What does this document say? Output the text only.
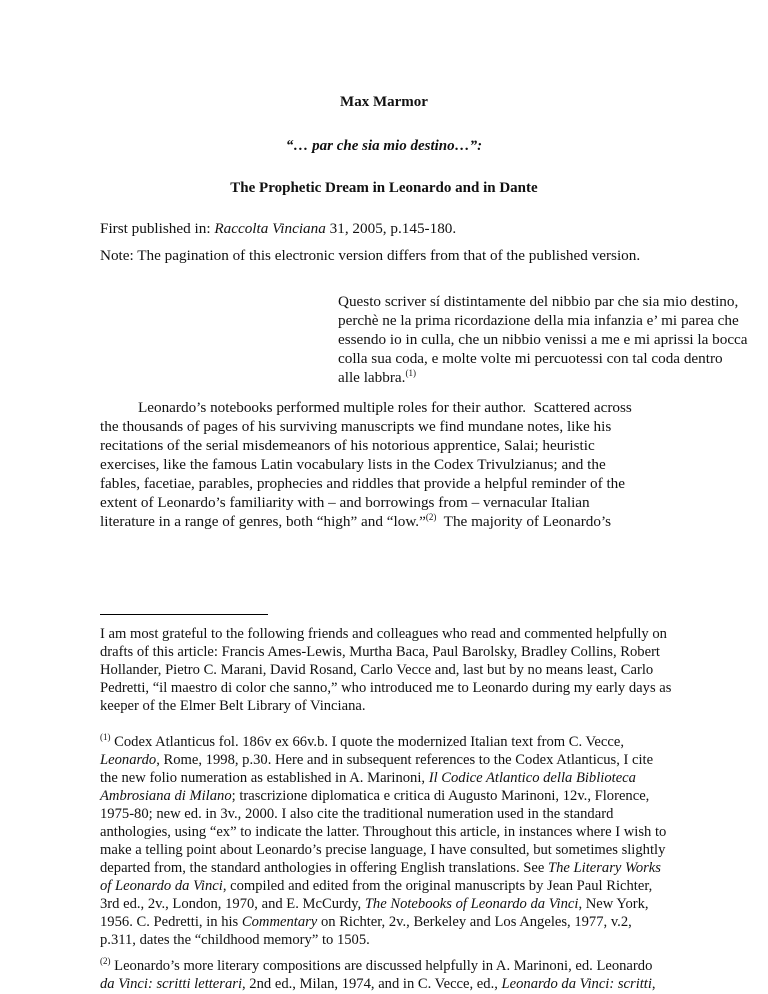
Max Marmor
“… par che sia mio destino…”:
The Prophetic Dream in Leonardo and in Dante
First published in: Raccolta Vinciana 31, 2005, p.145-180.
Note: The pagination of this electronic version differs from that of the published version.
Questo scriver sí distintamente del nibbio par che sia mio destino,
perchè ne la prima ricordazione della mia infanzia e’ mi parea che
essendo io in culla, che un nibbio venissi a me e mi aprissi la bocca
colla sua coda, e molte volte mi percuotessi con tal coda dentro
alle labbra.$^{(1)}$
Leonardo’s notebooks performed multiple roles for their author.  Scattered across
the thousands of pages of his surviving manuscripts we find mundane notes, like his
recitations of the serial misdemeanors of his notorious apprentice, Salai; heuristic
exercises, like the famous Latin vocabulary lists in the Codex Trivulzianus; and the
fables, facetiae, parables, prophecies and riddles that provide a helpful reminder of the
extent of Leonardo’s familiarity with – and borrowings from – vernacular Italian
literature in a range of genres, both “high” and “low.”$^{(2)}$  The majority of Leonardo’s
I am most grateful to the following friends and colleagues who read and commented helpfully on
drafts of this article: Francis Ames-Lewis, Murtha Baca, Paul Barolsky, Bradley Collins, Robert
Hollander, Pietro C. Marani, David Rosand, Carlo Vecce and, last but by no means least, Carlo
Pedretti, “il maestro di color che sanno,” who introduced me to Leonardo during my early days as
keeper of the Elmer Belt Library of Vinciana.
$^{(1)}$ Codex Atlanticus fol. 186v ex 66v.b. I quote the modernized Italian text from C. Vecce,
Leonardo, Rome, 1998, p.30. Here and in subsequent references to the Codex Atlanticus, I cite
the new folio numeration as established in A. Marinoni, Il Codice Atlantico della Biblioteca
Ambrosiana di Milano; trascrizione diplomatica e critica di Augusto Marinoni, 12v., Florence,
1975-80; new ed. in 3v., 2000. I also cite the traditional numeration used in the standard
anthologies, using “ex” to indicate the latter. Throughout this article, in instances where I wish to
make a telling point about Leonardo’s precise language, I have consulted, but sometimes slightly
departed from, the standard anthologies in offering English translations. See The Literary Works
of Leonardo da Vinci, compiled and edited from the original manuscripts by Jean Paul Richter,
3rd ed., 2v., London, 1970, and E. McCurdy, The Notebooks of Leonardo da Vinci, New York,
1956. C. Pedretti, in his Commentary on Richter, 2v., Berkeley and Los Angeles, 1977, v.2,
p.311, dates the “childhood memory” to 1505.
$^{(2)}$ Leonardo’s more literary compositions are discussed helpfully in A. Marinoni, ed. Leonardo
da Vinci: scritti letterari, 2nd ed., Milan, 1974, and in C. Vecce, ed., Leonardo da Vinci: scritti,
